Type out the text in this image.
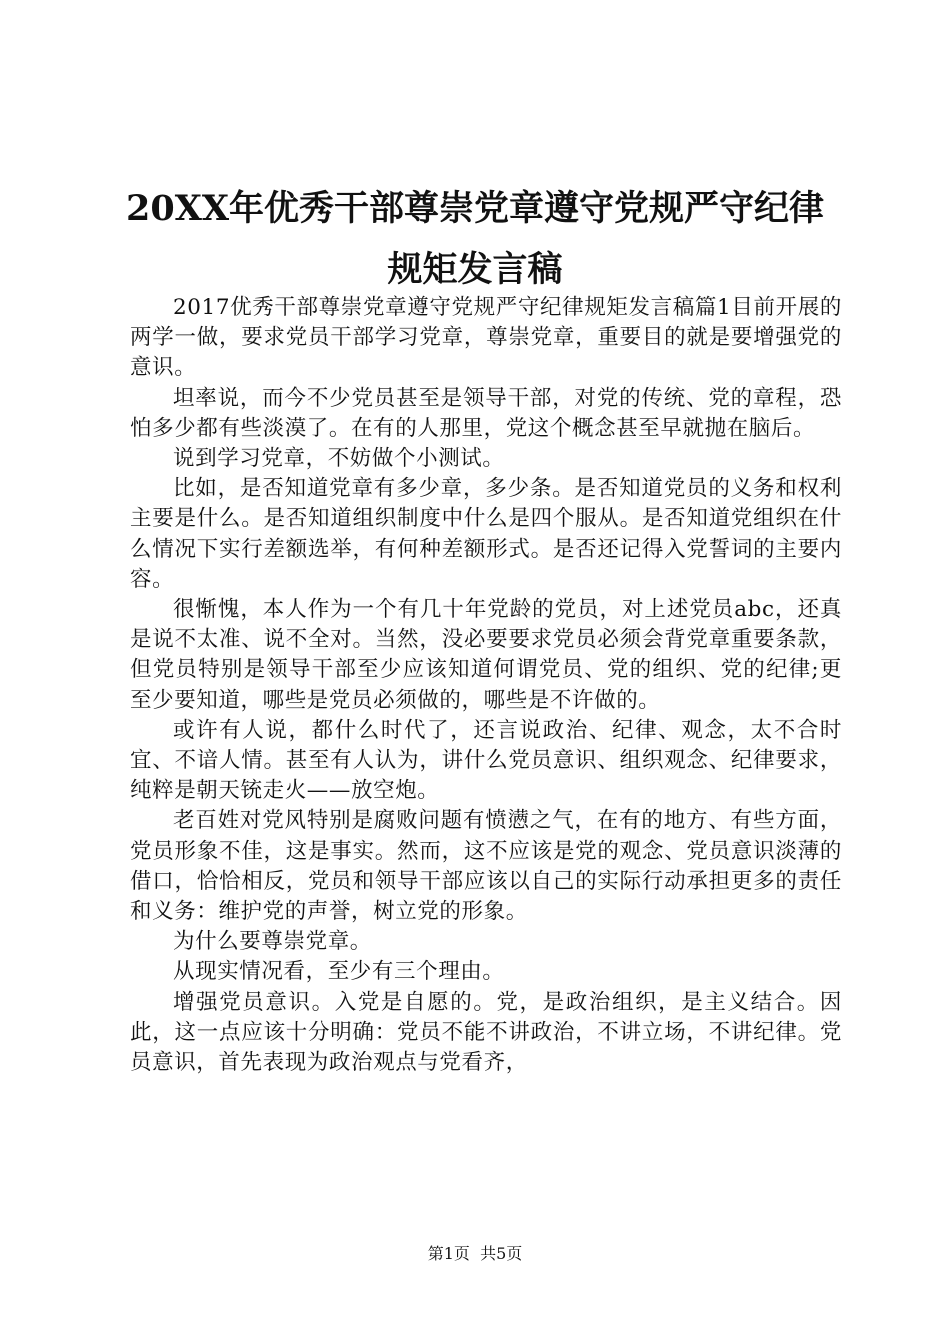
20XX年优秀干部尊崇党章遵守党规严守纪律
规矩发言稿

2017优秀干部尊崇党章遵守党规严守纪律规矩发言稿篇1目前开展的两学一做，要求党员干部学习党章，尊崇党章，重要目的就是要增强党的意识。

坦率说，而今不少党员甚至是领导干部，对党的传统、党的章程，恐怕多少都有些淡漠了。在有的人那里，党这个概念甚至早就抛在脑后。

说到学习党章，不妨做个小测试。

比如，是否知道党章有多少章，多少条。是否知道党员的义务和权利主要是什么。是否知道组织制度中什么是四个服从。是否知道党组织在什么情况下实行差额选举，有何种差额形式。是否还记得入党誓词的主要内容。

很惭愧，本人作为一个有几十年党龄的党员，对上述党员abc，还真是说不太准、说不全对。当然，没必要要求党员必须会背党章重要条款，但党员特别是领导干部至少应该知道何谓党员、党的组织、党的纪律;更至少要知道，哪些是党员必须做的，哪些是不许做的。

或许有人说，都什么时代了，还言说政治、纪律、观念，太不合时宜、不谙人情。甚至有人认为，讲什么党员意识、组织观念、纪律要求，纯粹是朝天铳走火——放空炮。

老百姓对党风特别是腐败问题有愤懑之气，在有的地方、有些方面，党员形象不佳，这是事实。然而，这不应该是党的观念、党员意识淡薄的借口，恰恰相反，党员和领导干部应该以自己的实际行动承担更多的责任和义务：维护党的声誉，树立党的形象。

为什么要尊崇党章。

从现实情况看，至少有三个理由。

增强党员意识。入党是自愿的。党，是政治组织，是主义结合。因此，这一点应该十分明确：党员不能不讲政治，不讲立场，不讲纪律。党员意识，首先表现为政治观点与党看齐，

第1页 共5页
